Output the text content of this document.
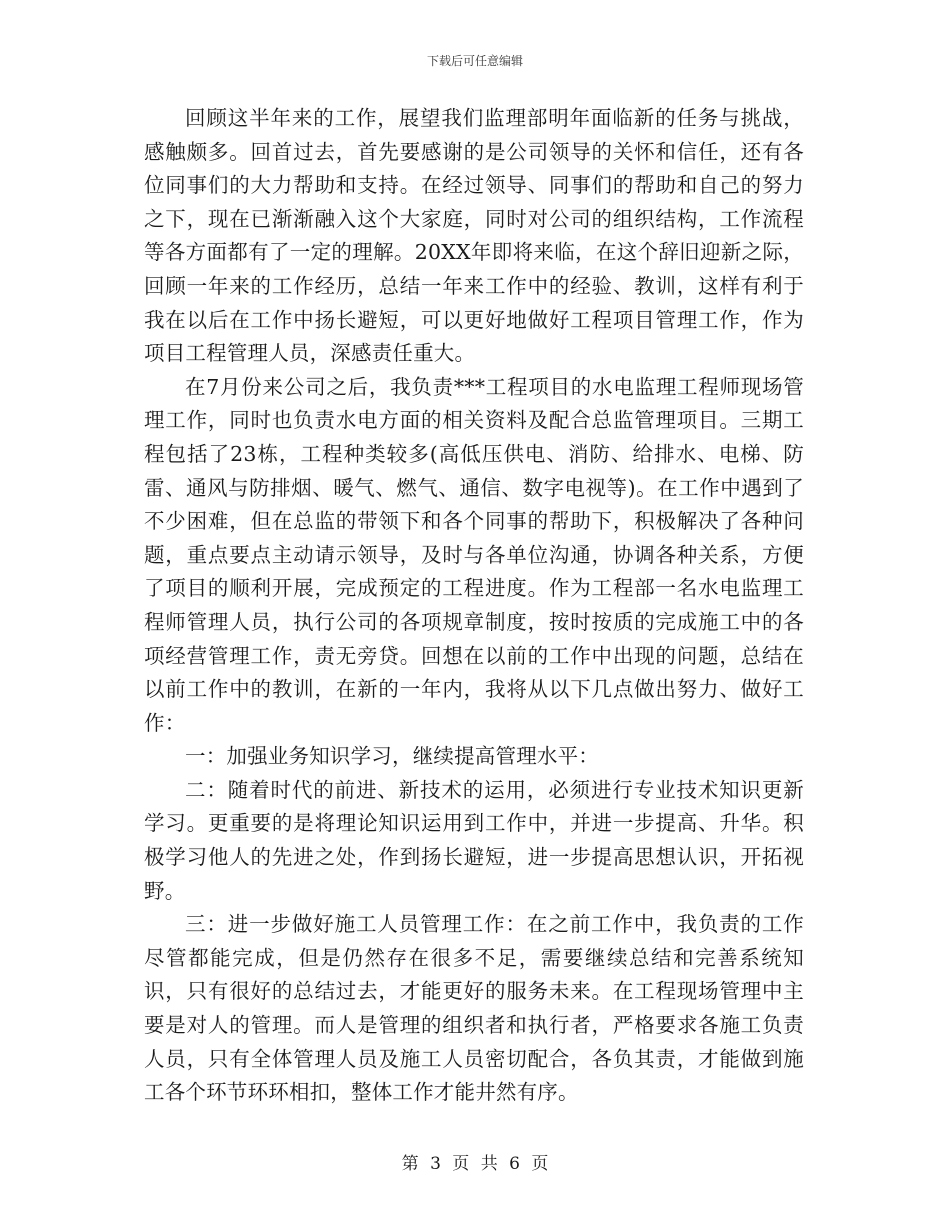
下载后可任意编辑

回顾这半年来的工作，展望我们监理部明年面临新的任务与挑战，感触颇多。回首过去，首先要感谢的是公司领导的关怀和信任，还有各位同事们的大力帮助和支持。在经过领导、同事们的帮助和自己的努力之下，现在已渐渐融入这个大家庭，同时对公司的组织结构，工作流程等各方面都有了一定的理解。20XX年即将来临，在这个辞旧迎新之际，回顾一年来的工作经历，总结一年来工作中的经验、教训，这样有利于我在以后在工作中扬长避短，可以更好地做好工程项目管理工作，作为项目工程管理人员，深感责任重大。

在7月份来公司之后，我负责***工程项目的水电监理工程师现场管理工作，同时也负责水电方面的相关资料及配合总监管理项目。三期工程包括了23栋，工程种类较多(高低压供电、消防、给排水、电梯、防雷、通风与防排烟、暖气、燃气、通信、数字电视等)。在工作中遇到了不少困难，但在总监的带领下和各个同事的帮助下，积极解决了各种问题，重点要点主动请示领导，及时与各单位沟通，协调各种关系，方便了项目的顺利开展，完成预定的工程进度。作为工程部一名水电监理工程师管理人员，执行公司的各项规章制度，按时按质的完成施工中的各项经营管理工作，责无旁贷。回想在以前的工作中出现的问题，总结在以前工作中的教训，在新的一年内，我将从以下几点做出努力、做好工作：

一：加强业务知识学习，继续提高管理水平：

二：随着时代的前进、新技术的运用，必须进行专业技术知识更新学习。更重要的是将理论知识运用到工作中，并进一步提高、升华。积极学习他人的先进之处，作到扬长避短，进一步提高思想认识，开拓视野。

三：进一步做好施工人员管理工作：在之前工作中，我负责的工作尽管都能完成，但是仍然存在很多不足，需要继续总结和完善系统知识，只有很好的总结过去，才能更好的服务未来。在工程现场管理中主要是对人的管理。而人是管理的组织者和执行者，严格要求各施工负责人员，只有全体管理人员及施工人员密切配合，各负其责，才能做到施工各个环节环环相扣，整体工作才能井然有序。

第 3 页 共 6 页
